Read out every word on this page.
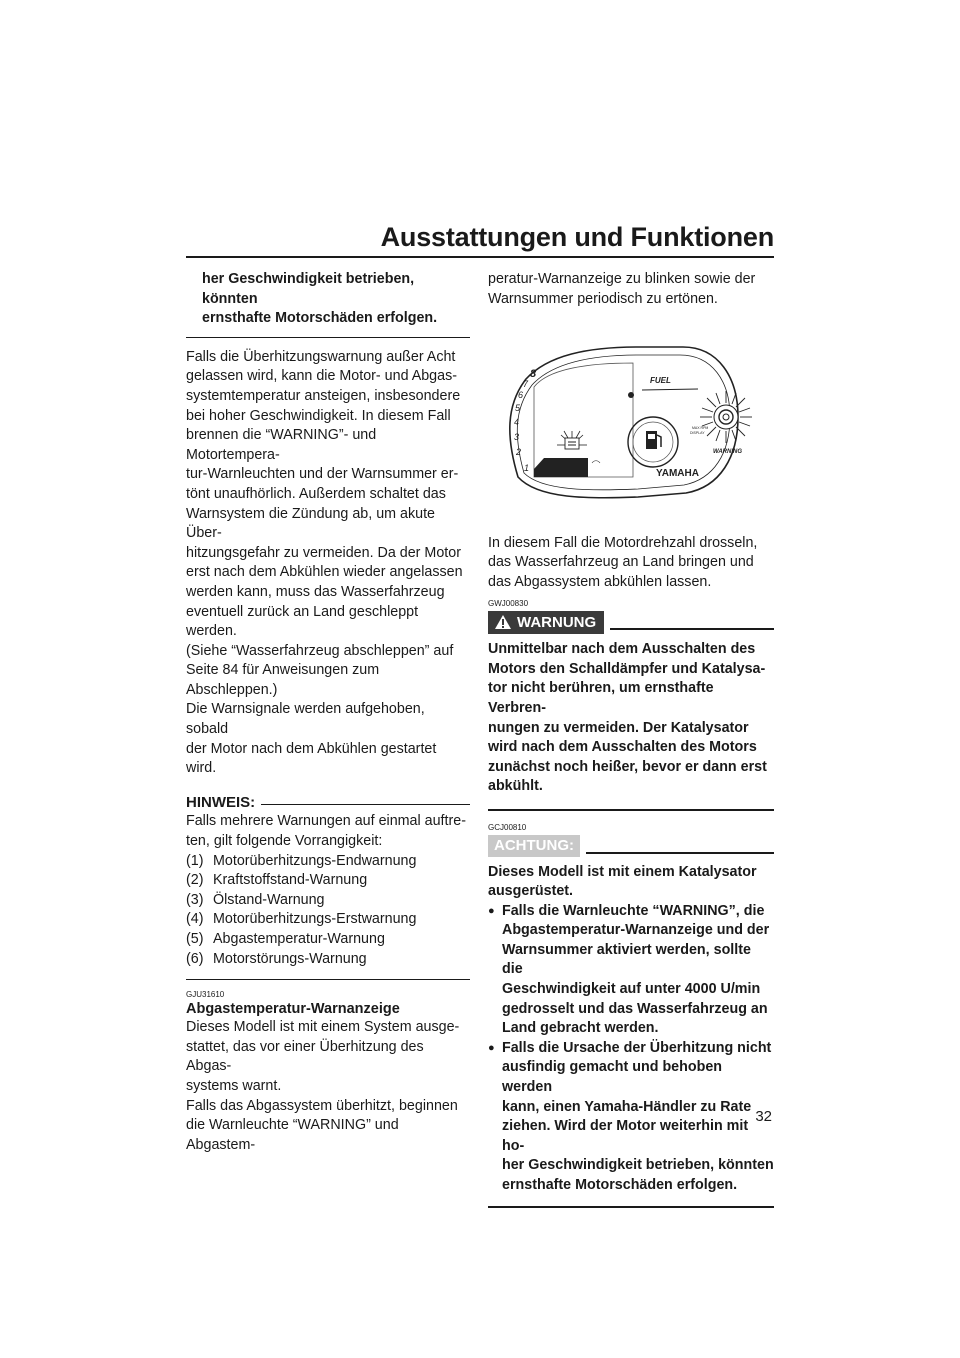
Ausstattungen und Funktionen

her Geschwindigkeit betrieben, könnten

ernsthafte Motorschäden erfolgen.

Falls die Überhitzungswarnung außer Acht

gelassen wird, kann die Motor- und Abgas-

systemtemperatur ansteigen, insbesondere

bei hoher Geschwindigkeit. In diesem Fall

brennen die “WARNING”- und Motortempera-

tur-Warnleuchten und der Warnsummer er-

tönt unaufhörlich. Außerdem schaltet das

Warnsystem die Zündung ab, um akute Über-

hitzungsgefahr zu vermeiden. Da der Motor

erst nach dem Abkühlen wieder angelassen

werden kann, muss das Wasserfahrzeug

eventuell zurück an Land geschleppt werden.

(Siehe “Wasserfahrzeug abschleppen” auf

Seite 84 für Anweisungen zum Abschleppen.)

Die Warnsignale werden aufgehoben, sobald

der Motor nach dem Abkühlen gestartet wird.

HINWEIS:

Falls mehrere Warnungen auf einmal auftre-

ten, gilt folgende Vorrangigkeit:

(1) Motorüberhitzungs-Endwarnung
(2) Kraftstoffstand-Warnung
(3) Ölstand-Warnung
(4) Motorüberhitzungs-Erstwarnung
(5) Abgastemperatur-Warnung
(6) Motorstörungs-Warnung
GJU31610
Abgastemperatur-Warnanzeige

Dieses Modell ist mit einem System ausge-

stattet, das vor einer Überhitzung des Abgas-

systems warnt.

Falls das Abgassystem überhitzt, beginnen

die Warnleuchte “WARNING” und Abgastem-

peratur-Warnanzeige zu blinken sowie der

Warnsummer periodisch zu ertönen.

FUEL
MAX RPM
DISPLAY
1
2
3
4
5
6
7
8
YAMAHA
WARNING

In diesem Fall die Motordrehzahl drosseln,

das Wasserfahrzeug an Land bringen und

das Abgassystem abkühlen lassen.

GWJ00830
WARNUNG

Unmittelbar nach dem Ausschalten des

Motors den Schalldämpfer und Katalysa-

tor nicht berühren, um ernsthafte Verbren-

nungen zu vermeiden. Der Katalysator

wird nach dem Ausschalten des Motors

zunächst noch heißer, bevor er dann erst

abkühlt.

GCJ00810
ACHTUNG:

Dieses Modell ist mit einem Katalysator

ausgerüstet.

● Falls die Warnleuchte “WARNING”, die

Abgastemperatur-Warnanzeige und der

Warnsummer aktiviert werden, sollte die

Geschwindigkeit auf unter 4000 U/min

gedrosselt und das Wasserfahrzeug an

Land gebracht werden.

● Falls die Ursache der Überhitzung nicht

ausfindig gemacht und behoben werden

kann, einen Yamaha-Händler zu Rate

ziehen. Wird der Motor weiterhin mit ho-

her Geschwindigkeit betrieben, könnten

ernsthafte Motorschäden erfolgen.

32
